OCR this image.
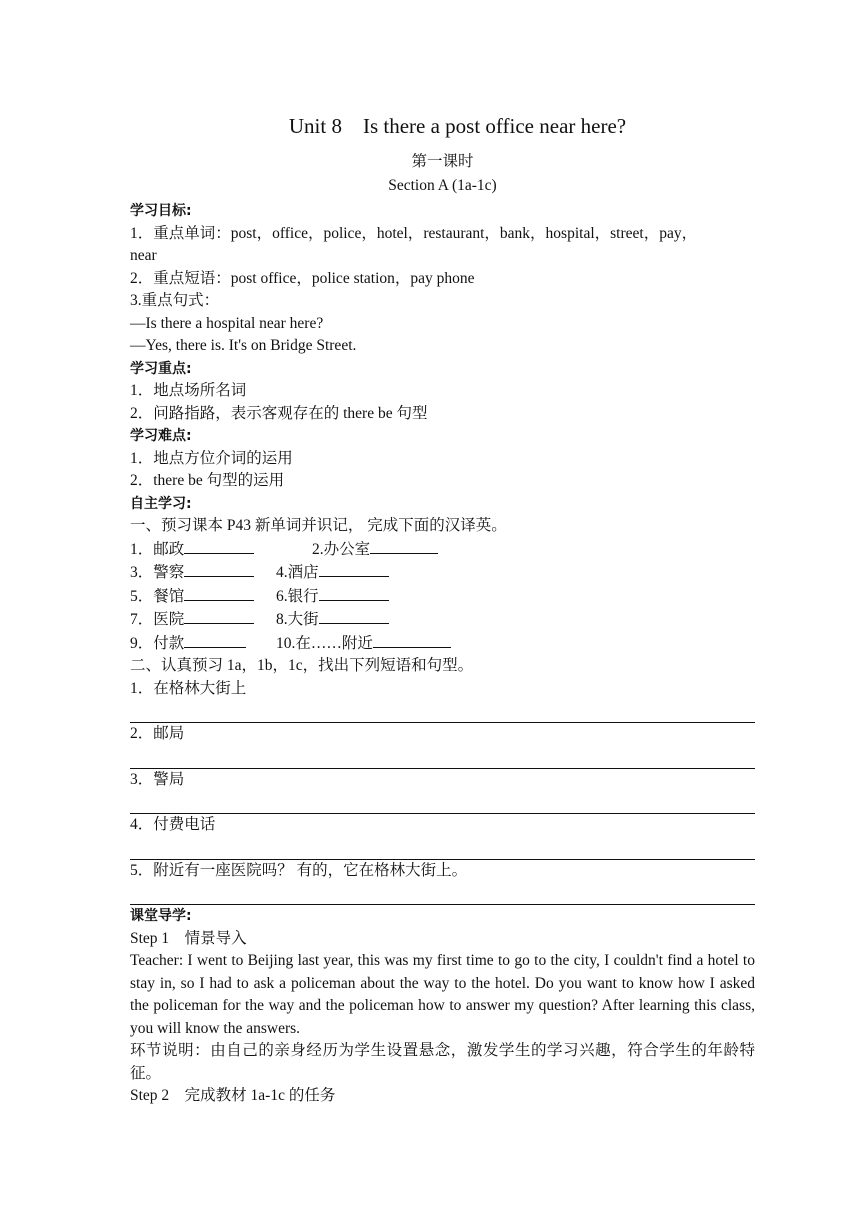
Unit 8    Is there a post office near here?
第一课时
Section A (1a-1c)
学习目标:
1．重点单词：post，office，police，hotel，restaurant，bank，hospital，street，pay，
near
2．重点短语：post office，police station，pay phone
3.重点句式：
—Is there a hospital near here?
—Yes, there is. It's on Bridge Street.
学习重点:
1．地点场所名词
2．问路指路，表示客观存在的 there be 句型
学习难点:
1．地点方位介词的运用
2．there be 句型的运用
自主学习:
一、预习课本 P43 新单词并识记， 完成下面的汉译英。
1．邮政	2.办公室
3．警察	4.酒店
5．餐馆	6.银行
7．医院	8.大街
9．付款	10.在……附近
二、认真预习 1a，1b，1c，找出下列短语和句型。
1．在格林大街上
2．邮局
3．警局
4．付费电话
5．附近有一座医院吗？ 有的，它在格林大街上。
课堂导学:
Step 1    情景导入
Teacher: I went to Beijing last year, this was my first time to go to the city, I couldn't find a hotel to stay in, so I had to ask a policeman about the way to the hotel. Do you want to know how I asked the policeman for the way and the policeman how to answer my question? After learning this class, you will know the answers.
环节说明：由自己的亲身经历为学生设置悬念，激发学生的学习兴趣，符合学生的年龄特征。
Step 2    完成教材 1a-1c 的任务
